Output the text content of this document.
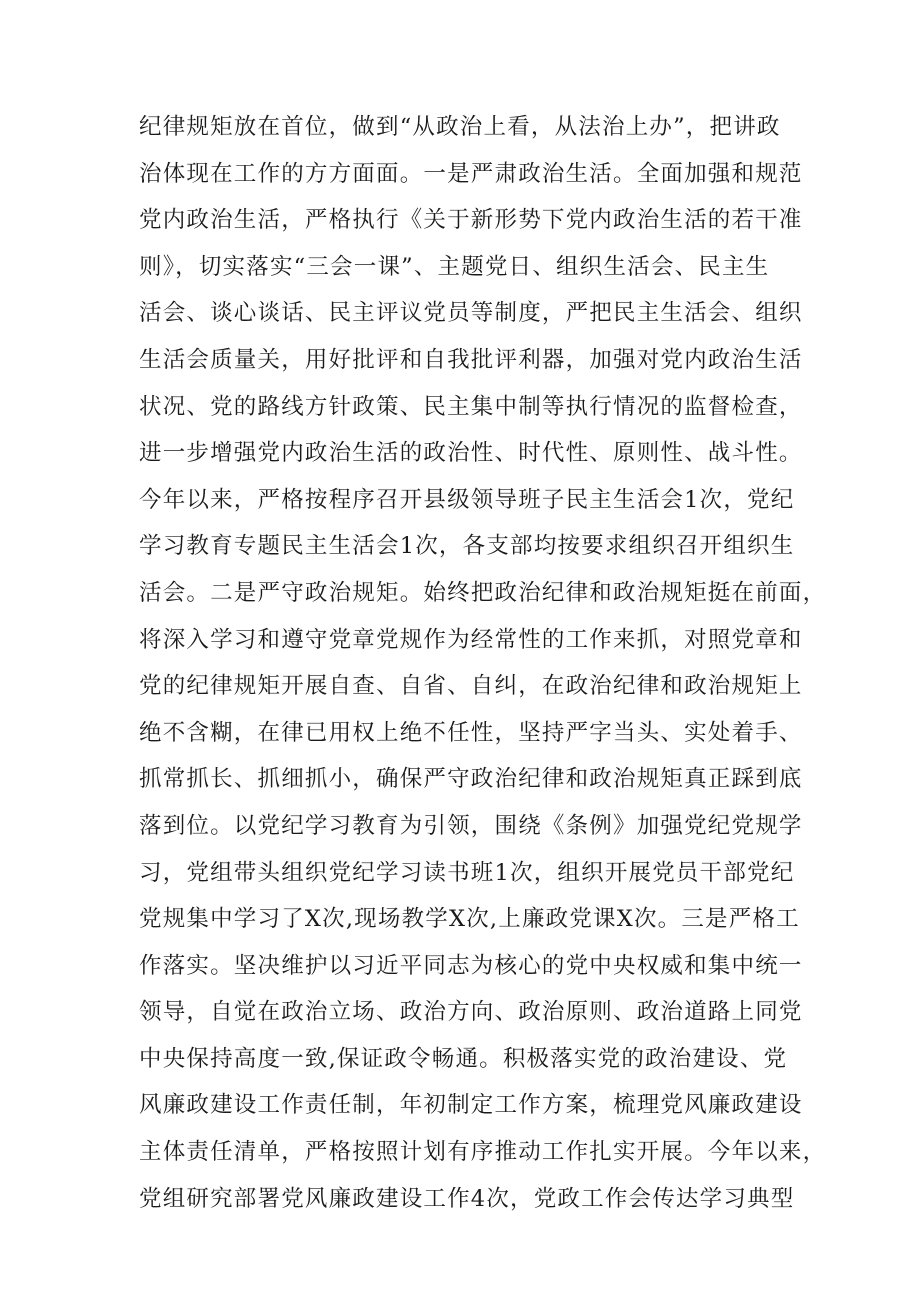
纪律规矩放在首位，做到“从政治上看，从法治上办”，把讲政
治体现在工作的方方面面。一是严肃政治生活。全面加强和规范
党内政治生活，严格执行《关于新形势下党内政治生活的若干准
则》，切实落实“三会一课”、主题党日、组织生活会、民主生
活会、谈心谈话、民主评议党员等制度，严把民主生活会、组织
生活会质量关，用好批评和自我批评利器，加强对党内政治生活
状况、党的路线方针政策、民主集中制等执行情况的监督检查，
进一步增强党内政治生活的政治性、时代性、原则性、战斗性。
今年以来，严格按程序召开县级领导班子民主生活会1次，党纪
学习教育专题民主生活会1次，各支部均按要求组织召开组织生
活会。二是严守政治规矩。始终把政治纪律和政治规矩挺在前面，
将深入学习和遵守党章党规作为经常性的工作来抓，对照党章和
党的纪律规矩开展自查、自省、自纠，在政治纪律和政治规矩上
绝不含糊，在律已用权上绝不任性，坚持严字当头、实处着手、
抓常抓长、抓细抓小，确保严守政治纪律和政治规矩真正踩到底
落到位。以党纪学习教育为引领，围绕《条例》加强党纪党规学
习，党组带头组织党纪学习读书班1次，组织开展党员干部党纪
党规集中学习了X次,现场教学X次,上廉政党课X次。三是严格工
作落实。坚决维护以习近平同志为核心的党中央权威和集中统一
领导，自觉在政治立场、政治方向、政治原则、政治道路上同党
中央保持高度一致,保证政令畅通。积极落实党的政治建设、党
风廉政建设工作责任制，年初制定工作方案，梳理党风廉政建设
主体责任清单，严格按照计划有序推动工作扎实开展。今年以来，
党组研究部署党风廉政建设工作4次，党政工作会传达学习典型
